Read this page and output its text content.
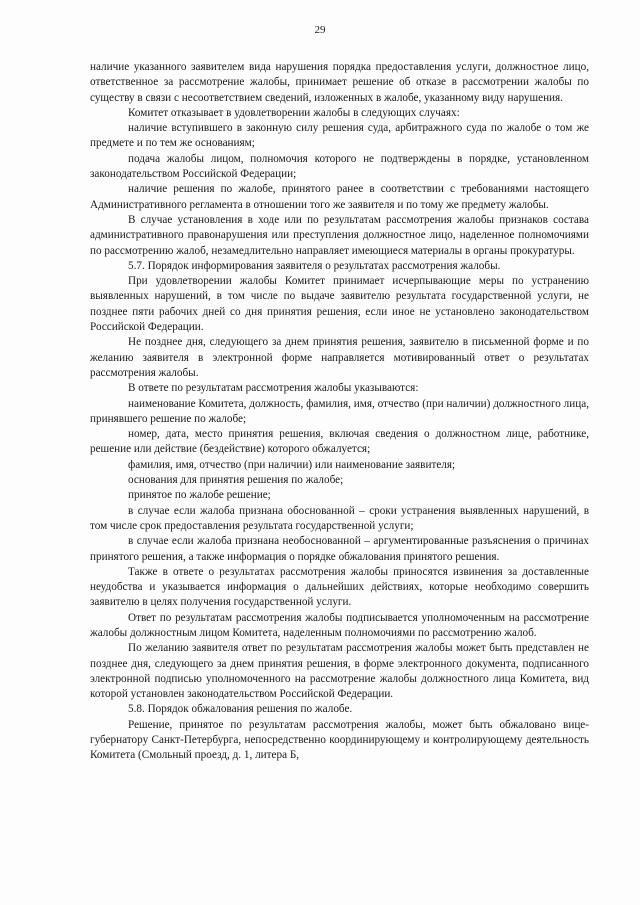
29

наличие указанного заявителем вида нарушения порядка предоставления услуги, должностное лицо, ответственное за рассмотрение жалобы, принимает решение об отказе в рассмотрении жалобы по существу в связи с несоответствием сведений, изложенных в жалобе, указанному виду нарушения.

Комитет отказывает в удовлетворении жалобы в следующих случаях:

наличие вступившего в законную силу решения суда, арбитражного суда по жалобе о том же предмете и по тем же основаниям;

подача жалобы лицом, полномочия которого не подтверждены в порядке, установленном законодательством Российской Федерации;

наличие решения по жалобе, принятого ранее в соответствии с требованиями настоящего Административного регламента в отношении того же заявителя и по тому же предмету жалобы.

В случае установления в ходе или по результатам рассмотрения жалобы признаков состава административного правонарушения или преступления должностное лицо, наделенное полномочиями по рассмотрению жалоб, незамедлительно направляет имеющиеся материалы в органы прокуратуры.

5.7. Порядок информирования заявителя о результатах рассмотрения жалобы.

При удовлетворении жалобы Комитет принимает исчерпывающие меры по устранению выявленных нарушений, в том числе по выдаче заявителю результата государственной услуги, не позднее пяти рабочих дней со дня принятия решения, если иное не установлено законодательством Российской Федерации.

Не позднее дня, следующего за днем принятия решения, заявителю в письменной форме и по желанию заявителя в электронной форме направляется мотивированный ответ о результатах рассмотрения жалобы.

В ответе по результатам рассмотрения жалобы указываются:

наименование Комитета, должность, фамилия, имя, отчество (при наличии) должностного лица, принявшего решение по жалобе;

номер, дата, место принятия решения, включая сведения о должностном лице, работнике, решение или действие (бездействие) которого обжалуется;

фамилия, имя, отчество (при наличии) или наименование заявителя;

основания для принятия решения по жалобе;

принятое по жалобе решение;

в случае если жалоба признана обоснованной – сроки устранения выявленных нарушений, в том числе срок предоставления результата государственной услуги;

в случае если жалоба признана необоснованной – аргументированные разъяснения о причинах принятого решения, а также информация о порядке обжалования принятого решения.

Также в ответе о результатах рассмотрения жалобы приносятся извинения за доставленные неудобства и указывается информация о дальнейших действиях, которые необходимо совершить заявителю в целях получения государственной услуги.

Ответ по результатам рассмотрения жалобы подписывается уполномоченным на рассмотрение жалобы должностным лицом Комитета, наделенным полномочиями по рассмотрению жалоб.

По желанию заявителя ответ по результатам рассмотрения жалобы может быть представлен не позднее дня, следующего за днем принятия решения, в форме электронного документа, подписанного электронной подписью уполномоченного на рассмотрение жалобы должностного лица Комитета, вид которой установлен законодательством Российской Федерации.

5.8. Порядок обжалования решения по жалобе.

Решение, принятое по результатам рассмотрения жалобы, может быть обжаловано вице-губернатору Санкт-Петербурга, непосредственно координирующему и контролирующему деятельность Комитета (Смольный проезд, д. 1, литера Б,
